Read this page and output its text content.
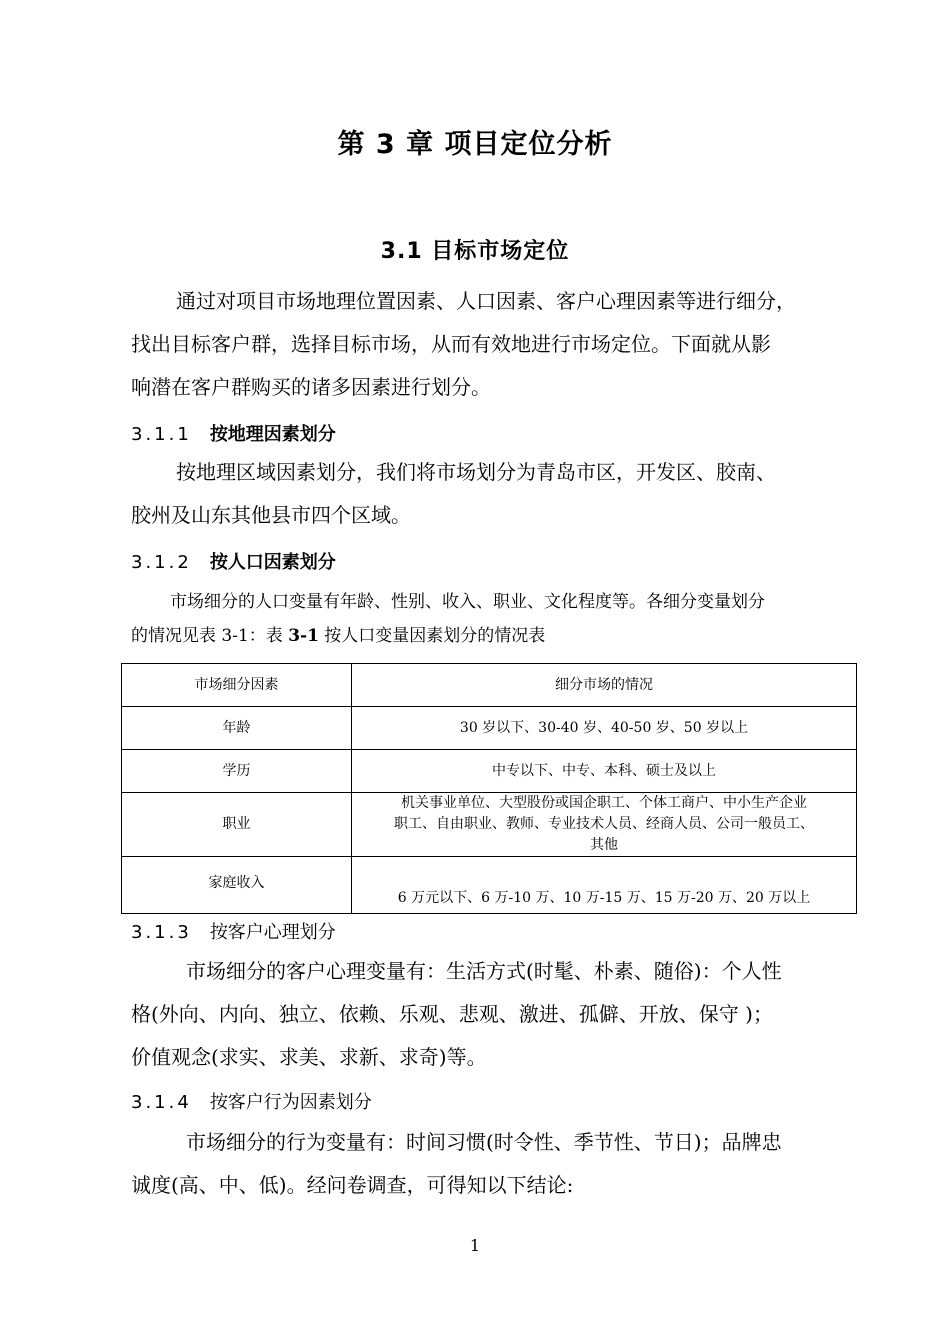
第 3 章 项目定位分析
3.1 目标市场定位
通过对项目市场地理位置因素、人口因素、客户心理因素等进行细分，
找出目标客户群，选择目标市场，从而有效地进行市场定位。下面就从影
响潜在客户群购买的诸多因素进行划分。
3.1.1 按地理因素划分
按地理区域因素划分，我们将市场划分为青岛市区，开发区、胶南、
胶州及山东其他县市四个区域。
3.1.2 按人口因素划分
市场细分的人口变量有年龄、性别、收入、职业、文化程度等。各细分变量划分
的情况见表 3-1：表 3-1 按人口变量因素划分的情况表
市场细分因素	细分市场的情况
年龄	30 岁以下、30-40 岁、40-50 岁、50 岁以上
学历	中专以下、中专、本科、硕士及以上
职业	机关事业单位、大型股份或国企职工、个体工商户、中小生产企业
职工、自由职业、教师、专业技术人员、经商人员、公司一般员工、
其他

家庭收入	6 万元以下、6 万-10 万、10 万-15 万、15 万-20 万、20 万以上
3.1.3 按客户心理划分
市场细分的客户心理变量有：生活方式(时髦、朴素、随俗)：个人性
格(外向、内向、独立、依赖、乐观、悲观、激进、孤僻、开放、保守 )；
价值观念(求实、求美、求新、求奇)等。
3.1.4 按客户行为因素划分
市场细分的行为变量有：时间习惯(时令性、季节性、节日)；品牌忠
诚度(高、中、低)。经问卷调查，可得知以下结论:
1
